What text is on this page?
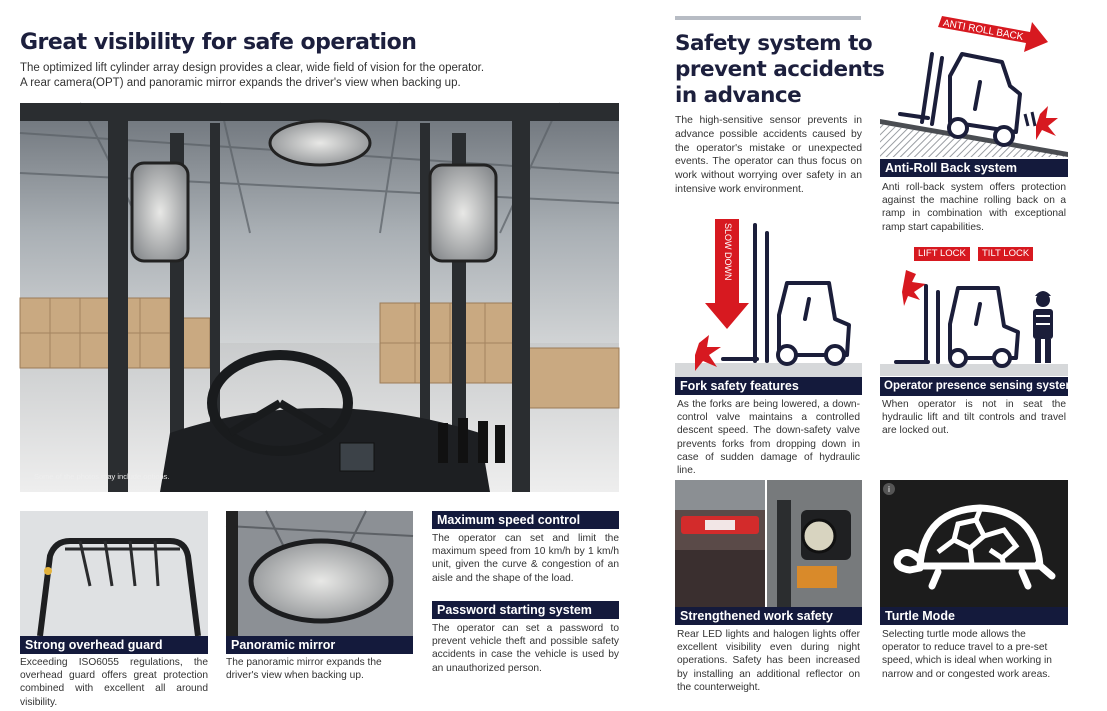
Great visibility for safe operation
The optimized lift cylinder array design provides a clear, wide field of vision for the operator.
A rear camera(OPT) and panoramic mirror expands the driver's view when backing up.
Some of the photos may include options.
Strong overhead guard
Exceeding ISO6055 regulations, the overhead guard offers great protection combined with excellent all around visibility.
Panoramic mirror
The panoramic mirror expands the driver's view when backing up.
Maximum speed control
The operator can set and limit the maximum speed from 10 km/h by 1 km/h unit, given the curve & congestion of an aisle and the shape of the load.
Password starting system
The operator can set a password to prevent vehicle theft and possible safety accidents in case the vehicle is used by an unauthorized person.
Safety system to
prevent accidents
in advance
The high-sensitive sensor prevents in advance possible accidents caused by the operator's mistake or unexpected events. The operator can thus focus on work without worrying over safety in an intensive work environment.
ANTI ROLL BACK
Anti-Roll Back system
Anti roll-back system offers protection against the machine rolling back on a ramp in combination with exceptional ramp start capabilities.
SLOW DOWN
Fork safety features
As the forks are being lowered, a down-control valve maintains a controlled descent speed. The down-safety valve prevents forks from dropping down in case of sudden damage of hydraulic line.
LIFT LOCK	TILT LOCK
Operator presence sensing system (OPSS)
When operator is not in seat the hydraulic lift and tilt controls and travel are locked out.
Strengthened work safety
Rear LED lights and halogen lights offer excellent visibility even during night operations. Safety has been increased by installing an additional reflector on the counterweight.
i
Turtle Mode
Selecting turtle mode allows the operator to reduce travel to a pre-set speed, which is ideal when working in narrow and or congested work areas.
